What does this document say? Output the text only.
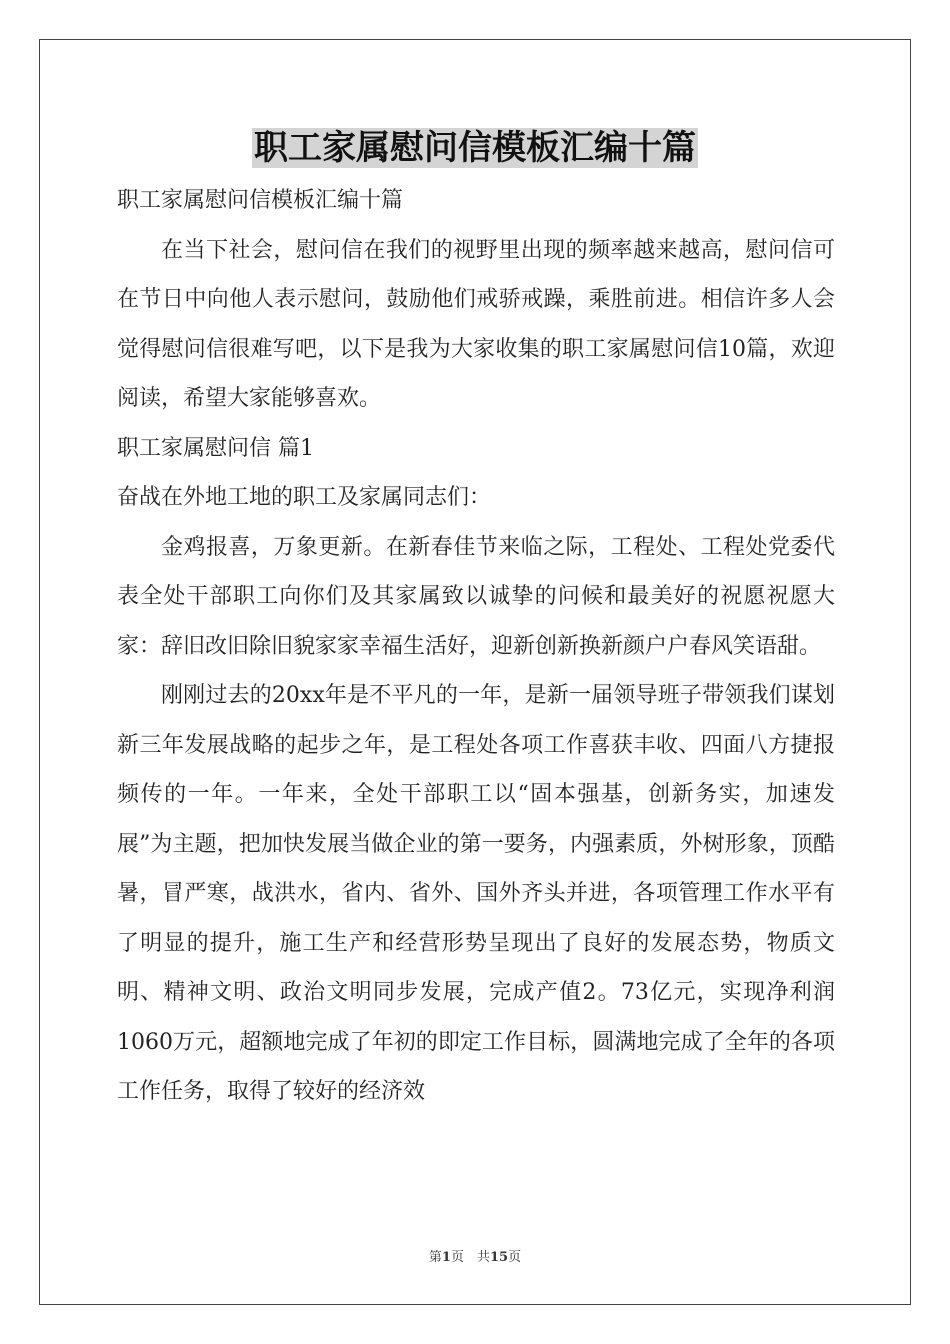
职工家属慰问信模板汇编十篇

职工家属慰问信模板汇编十篇

在当下社会，慰问信在我们的视野里出现的频率越来越高，慰问信可在节日中向他人表示慰问，鼓励他们戒骄戒躁，乘胜前进。相信许多人会觉得慰问信很难写吧，以下是我为大家收集的职工家属慰问信10篇，欢迎阅读，希望大家能够喜欢。

职工家属慰问信 篇1

奋战在外地工地的职工及家属同志们：

金鸡报喜，万象更新。在新春佳节来临之际，工程处、工程处党委代表全处干部职工向你们及其家属致以诚挚的问候和最美好的祝愿祝愿大家：辞旧改旧除旧貌家家幸福生活好，迎新创新换新颜户户春风笑语甜。

刚刚过去的20xx年是不平凡的一年，是新一届领导班子带领我们谋划新三年发展战略的起步之年，是工程处各项工作喜获丰收、四面八方捷报频传的一年。一年来，全处干部职工以“固本强基，创新务实，加速发展”为主题，把加快发展当做企业的第一要务，内强素质，外树形象，顶酷暑，冒严寒，战洪水，省内、省外、国外齐头并进，各项管理工作水平有了明显的提升，施工生产和经营形势呈现出了良好的发展态势，物质文明、精神文明、政治文明同步发展，完成产值2。73亿元，实现净利润1060万元，超额地完成了年初的即定工作目标，圆满地完成了全年的各项工作任务，取得了较好的经济效

第1页　共15页
